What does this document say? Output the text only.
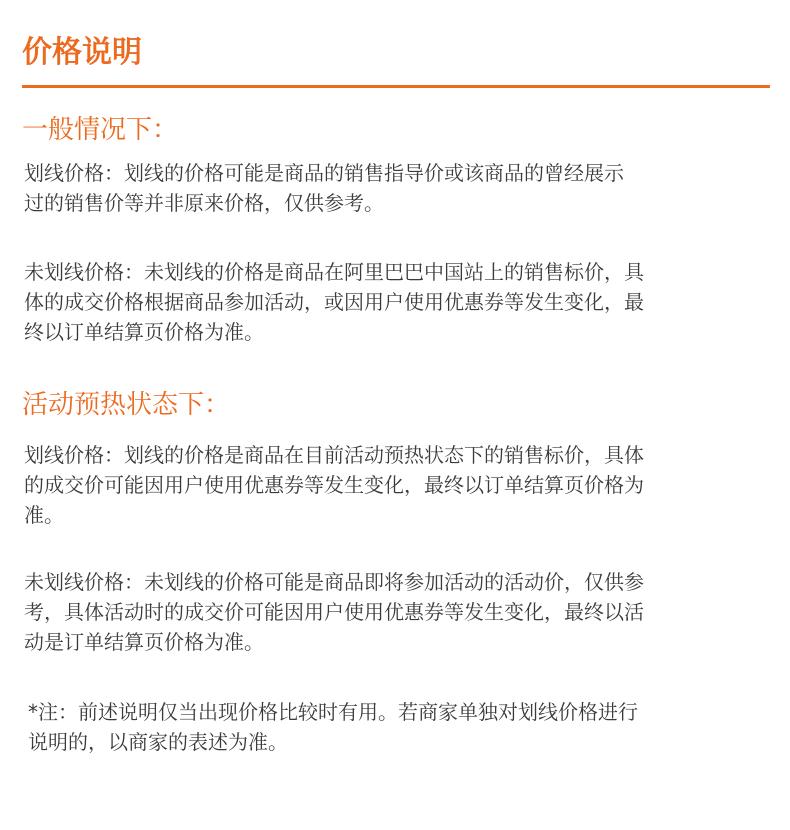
价格说明
一般情况下：

划线价格：划线的价格可能是商品的销售指导价或该商品的曾经展示
过的销售价等并非原来价格，仅供参考。

未划线价格：未划线的价格是商品在阿里巴巴中国站上的销售标价，具
体的成交价格根据商品参加活动，或因用户使用优惠券等发生变化，最
终以订单结算页价格为准。

活动预热状态下：

划线价格：划线的价格是商品在目前活动预热状态下的销售标价，具体
的成交价可能因用户使用优惠券等发生变化，最终以订单结算页价格为
准。

未划线价格：未划线的价格可能是商品即将参加活动的活动价，仅供参
考，具体活动时的成交价可能因用户使用优惠券等发生变化，最终以活
动是订单结算页价格为准。

*注：前述说明仅当出现价格比较时有用。若商家单独对划线价格进行
说明的，以商家的表述为准。
